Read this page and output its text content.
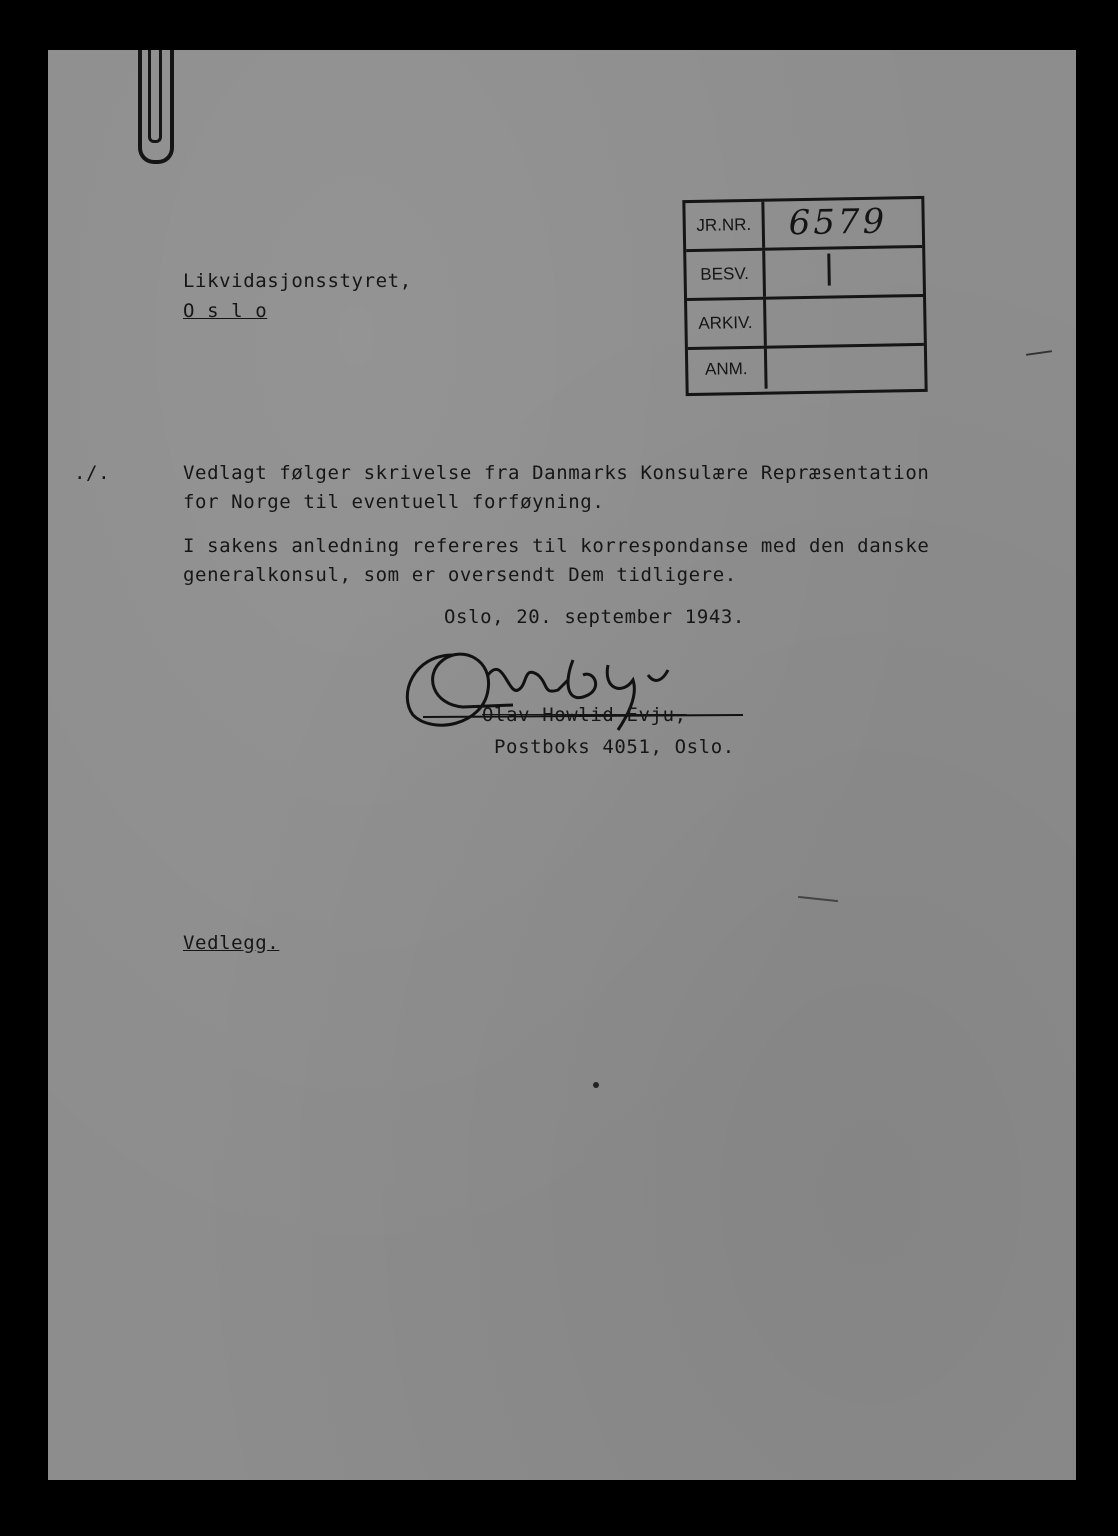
Likvidasjonsstyret,
O s l o
JR.NR.	6579
BESV.
ARKIV.
ANM.
./.	Vedlagt følger skrivelse fra Danmarks Konsulære Repræsentation
for Norge til eventuell forføyning.
I sakens anledning refereres til korrespondanse med den danske
generalkonsul, som er oversendt Dem tidligere.
Oslo, 20. september 1943.
Olav Howlid Evju,
Postboks 4051, Oslo.
Vedlegg.
